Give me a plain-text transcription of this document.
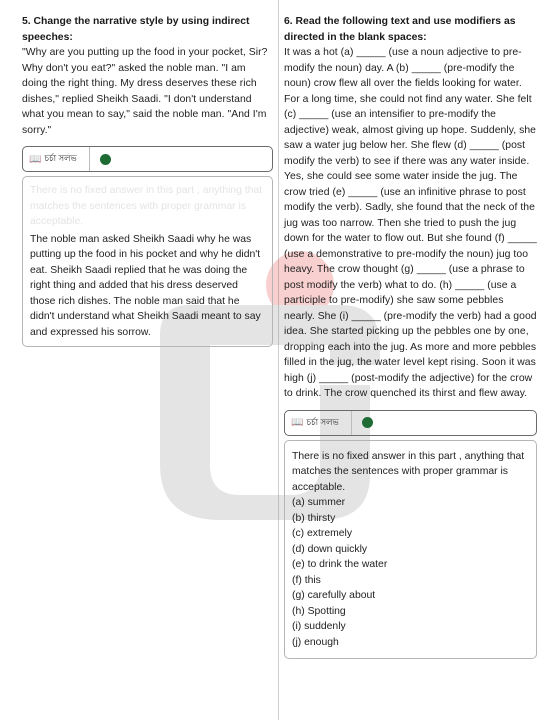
5. Change the narrative style by using indirect speeches:
"Why are you putting up the food in your pocket, Sir? Why don't you eat?" asked the noble man. "I am doing the right thing. My dress deserves these rich dishes," replied Sheikh Saadi. "I don't understand what you mean to say," said the noble man. "And I'm sorry."
📖 চর্চা সলভ
There is no fixed answer in this part , anything that matches the sentences with proper grammar is acceptable.
The noble man asked Sheikh Saadi why he was putting up the food in his pocket and why he didn't eat. Sheikh Saadi replied that he was doing the right thing and added that his dress deserved those rich dishes. The noble man said that he didn't understand what Sheikh Saadi meant to say and expressed his sorrow.
6. Read the following text and use modifiers as directed in the blank spaces:
It was a hot (a) _____ (use a noun adjective to pre-modify the noun) day. A (b) _____ (pre-modify the noun) crow flew all over the fields looking for water. For a long time, she could not find any water. She felt (c) _____ (use an intensifier to pre-modify the adjective) weak, almost giving up hope. Suddenly, she saw a water jug below her. She flew (d) _____ (post modify the verb) to see if there was any water inside. Yes, she could see some water inside the jug. The crow tried (e) _____ (use an infinitive phrase to post modify the verb). Sadly, she found that the neck of the jug was too narrow. Then she tried to push the jug down for the water to flow out. But she found (f) _____ (use a demonstrative to pre-modify the noun) jug too heavy. The crow thought (g) _____ (use a phrase to post modify the verb) what to do. (h) _____ (use a participle to pre-modify) she saw some pebbles nearly. She (i) _____ (pre-modify the verb) had a good idea. She started picking up the pebbles one by one, dropping each into the jug. As more and more pebbles filled in the jug, the water level kept rising. Soon it was high (j) _____ (post-modify the adjective) for the crow to drink. The crow quenched its thirst and flew away.
📖 চর্চা সলভ
There is no fixed answer in this part , anything that matches the sentences with proper grammar is acceptable.
(a) summer
(b) thirsty
(c) extremely
(d) down quickly
(e) to drink the water
(f) this
(g) carefully about
(h) Spotting
(i) suddenly
(j) enough
